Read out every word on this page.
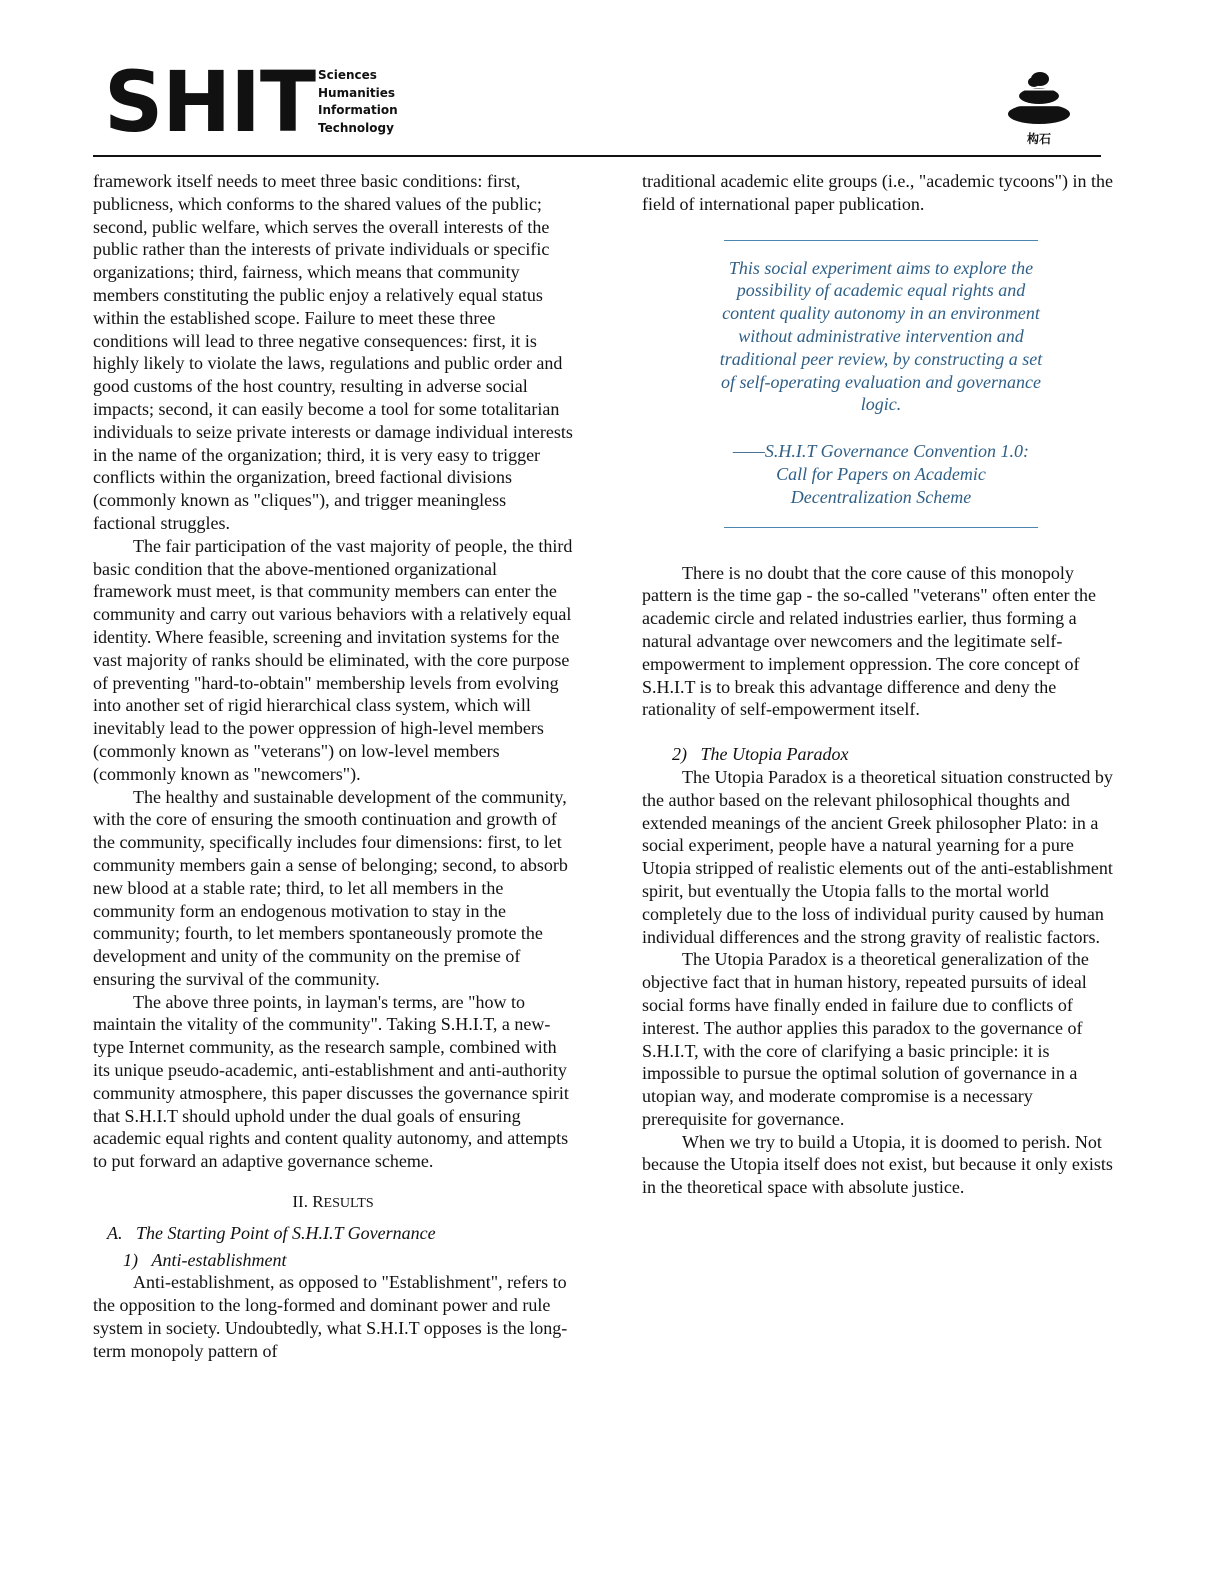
SHIT Sciences
Humanities
Information
Technology
构石

framework itself needs to meet three basic conditions: first, publicness, which conforms to the shared values of the public; second, public welfare, which serves the overall interests of the public rather than the interests of private individuals or specific organizations; third, fairness, which means that community members constituting the public enjoy a relatively equal status within the established scope. Failure to meet these three conditions will lead to three negative consequences: first, it is highly likely to violate the laws, regulations and public order and good customs of the host country, resulting in adverse social impacts; second, it can easily become a tool for some totalitarian individuals to seize private interests or damage individual interests in the name of the organization; third, it is very easy to trigger conflicts within the organization, breed factional divisions (commonly known as "cliques"), and trigger meaningless factional struggles.

The fair participation of the vast majority of people, the third basic condition that the above-mentioned organizational framework must meet, is that community members can enter the community and carry out various behaviors with a relatively equal identity. Where feasible, screening and invitation systems for the vast majority of ranks should be eliminated, with the core purpose of preventing "hard-to-obtain" membership levels from evolving into another set of rigid hierarchical class system, which will inevitably lead to the power oppression of high-level members (commonly known as "veterans") on low-level members (commonly known as "newcomers").

The healthy and sustainable development of the community, with the core of ensuring the smooth continuation and growth of the community, specifically includes four dimensions: first, to let community members gain a sense of belonging; second, to absorb new blood at a stable rate; third, to let all members in the community form an endogenous motivation to stay in the community; fourth, to let members spontaneously promote the development and unity of the community on the premise of ensuring the survival of the community.

The above three points, in layman's terms, are "how to maintain the vitality of the community". Taking S.H.I.T, a new-type Internet community, as the research sample, combined with its unique pseudo-academic, anti-establishment and anti-authority community atmosphere, this paper discusses the governance spirit that S.H.I.T should uphold under the dual goals of ensuring academic equal rights and content quality autonomy, and attempts to put forward an adaptive governance scheme.

II. RESULTS

A.   The Starting Point of S.H.I.T Governance

1)   Anti-establishment

Anti-establishment, as opposed to "Establishment", refers to the opposition to the long-formed and dominant power and rule system in society. Undoubtedly, what S.H.I.T opposes is the long-term monopoly pattern of

traditional academic elite groups (i.e., "academic tycoons") in the field of international paper publication.

This social experiment aims to explore the possibility of academic equal rights and content quality autonomy in an environment without administrative intervention and traditional peer review, by constructing a set of self-operating evaluation and governance logic.
——S.H.I.T Governance Convention 1.0: Call for Papers on Academic Decentralization Scheme

There is no doubt that the core cause of this monopoly pattern is the time gap - the so-called "veterans" often enter the academic circle and related industries earlier, thus forming a natural advantage over newcomers and the legitimate self-empowerment to implement oppression. The core concept of S.H.I.T is to break this advantage difference and deny the rationality of self-empowerment itself.

2)   The Utopia Paradox

The Utopia Paradox is a theoretical situation constructed by the author based on the relevant philosophical thoughts and extended meanings of the ancient Greek philosopher Plato: in a social experiment, people have a natural yearning for a pure Utopia stripped of realistic elements out of the anti-establishment spirit, but eventually the Utopia falls to the mortal world completely due to the loss of individual purity caused by human individual differences and the strong gravity of realistic factors.

The Utopia Paradox is a theoretical generalization of the objective fact that in human history, repeated pursuits of ideal social forms have finally ended in failure due to conflicts of interest. The author applies this paradox to the governance of S.H.I.T, with the core of clarifying a basic principle: it is impossible to pursue the optimal solution of governance in a utopian way, and moderate compromise is a necessary prerequisite for governance.

When we try to build a Utopia, it is doomed to perish. Not because the Utopia itself does not exist, but because it only exists in the theoretical space with absolute justice.
